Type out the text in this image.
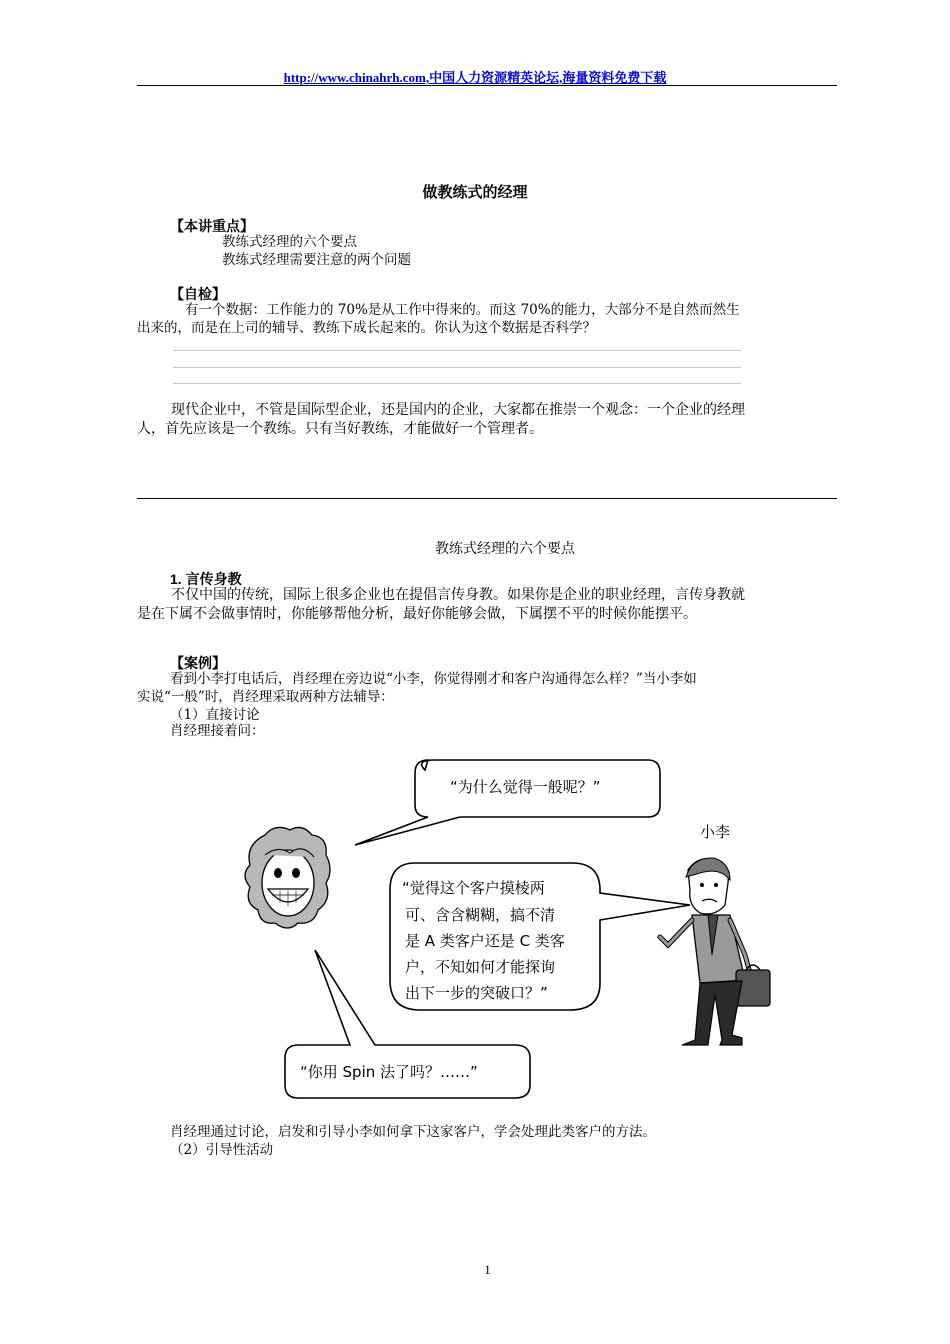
http://www.chinahrh.com,中国人力资源精英论坛,海量资料免费下载
做教练式的经理
【本讲重点】
教练式经理的六个要点
教练式经理需要注意的两个问题
【自检】
有一个数据：工作能力的 70%是从工作中得来的。而这 70%的能力，大部分不是自然而然生
出来的，而是在上司的辅导、教练下成长起来的。你认为这个数据是否科学？

现代企业中，不管是国际型企业，还是国内的企业，大家都在推崇一个观念：一个企业的经理

人，首先应该是一个教练。只有当好教练，才能做好一个管理者。

教练式经理的六个要点
1. 言传身教

不仅中国的传统，国际上很多企业也在提倡言传身教。如果你是企业的职业经理，言传身教就

是在下属不会做事情时，你能够帮他分析，最好你能够会做，下属摆不平的时候你能摆平。

【案例】
看到小李打电话后，肖经理在旁边说“小李，你觉得刚才和客户沟通得怎么样？”当小李如
实说“一般”时，肖经理采取两种方法辅导：
（1）直接讨论
肖经理接着问：
“为什么觉得一般呢？”
小李
“觉得这个客户摸棱两 可、含含糊糊，搞不清 是 A 类客户还是 C 类客 户，不知如何才能探询 出下一步的突破口？”
“你用 Spin 法了吗？……”
肖经理通过讨论，启发和引导小李如何拿下这家客户，学会处理此类客户的方法。
（2）引导性活动
1
